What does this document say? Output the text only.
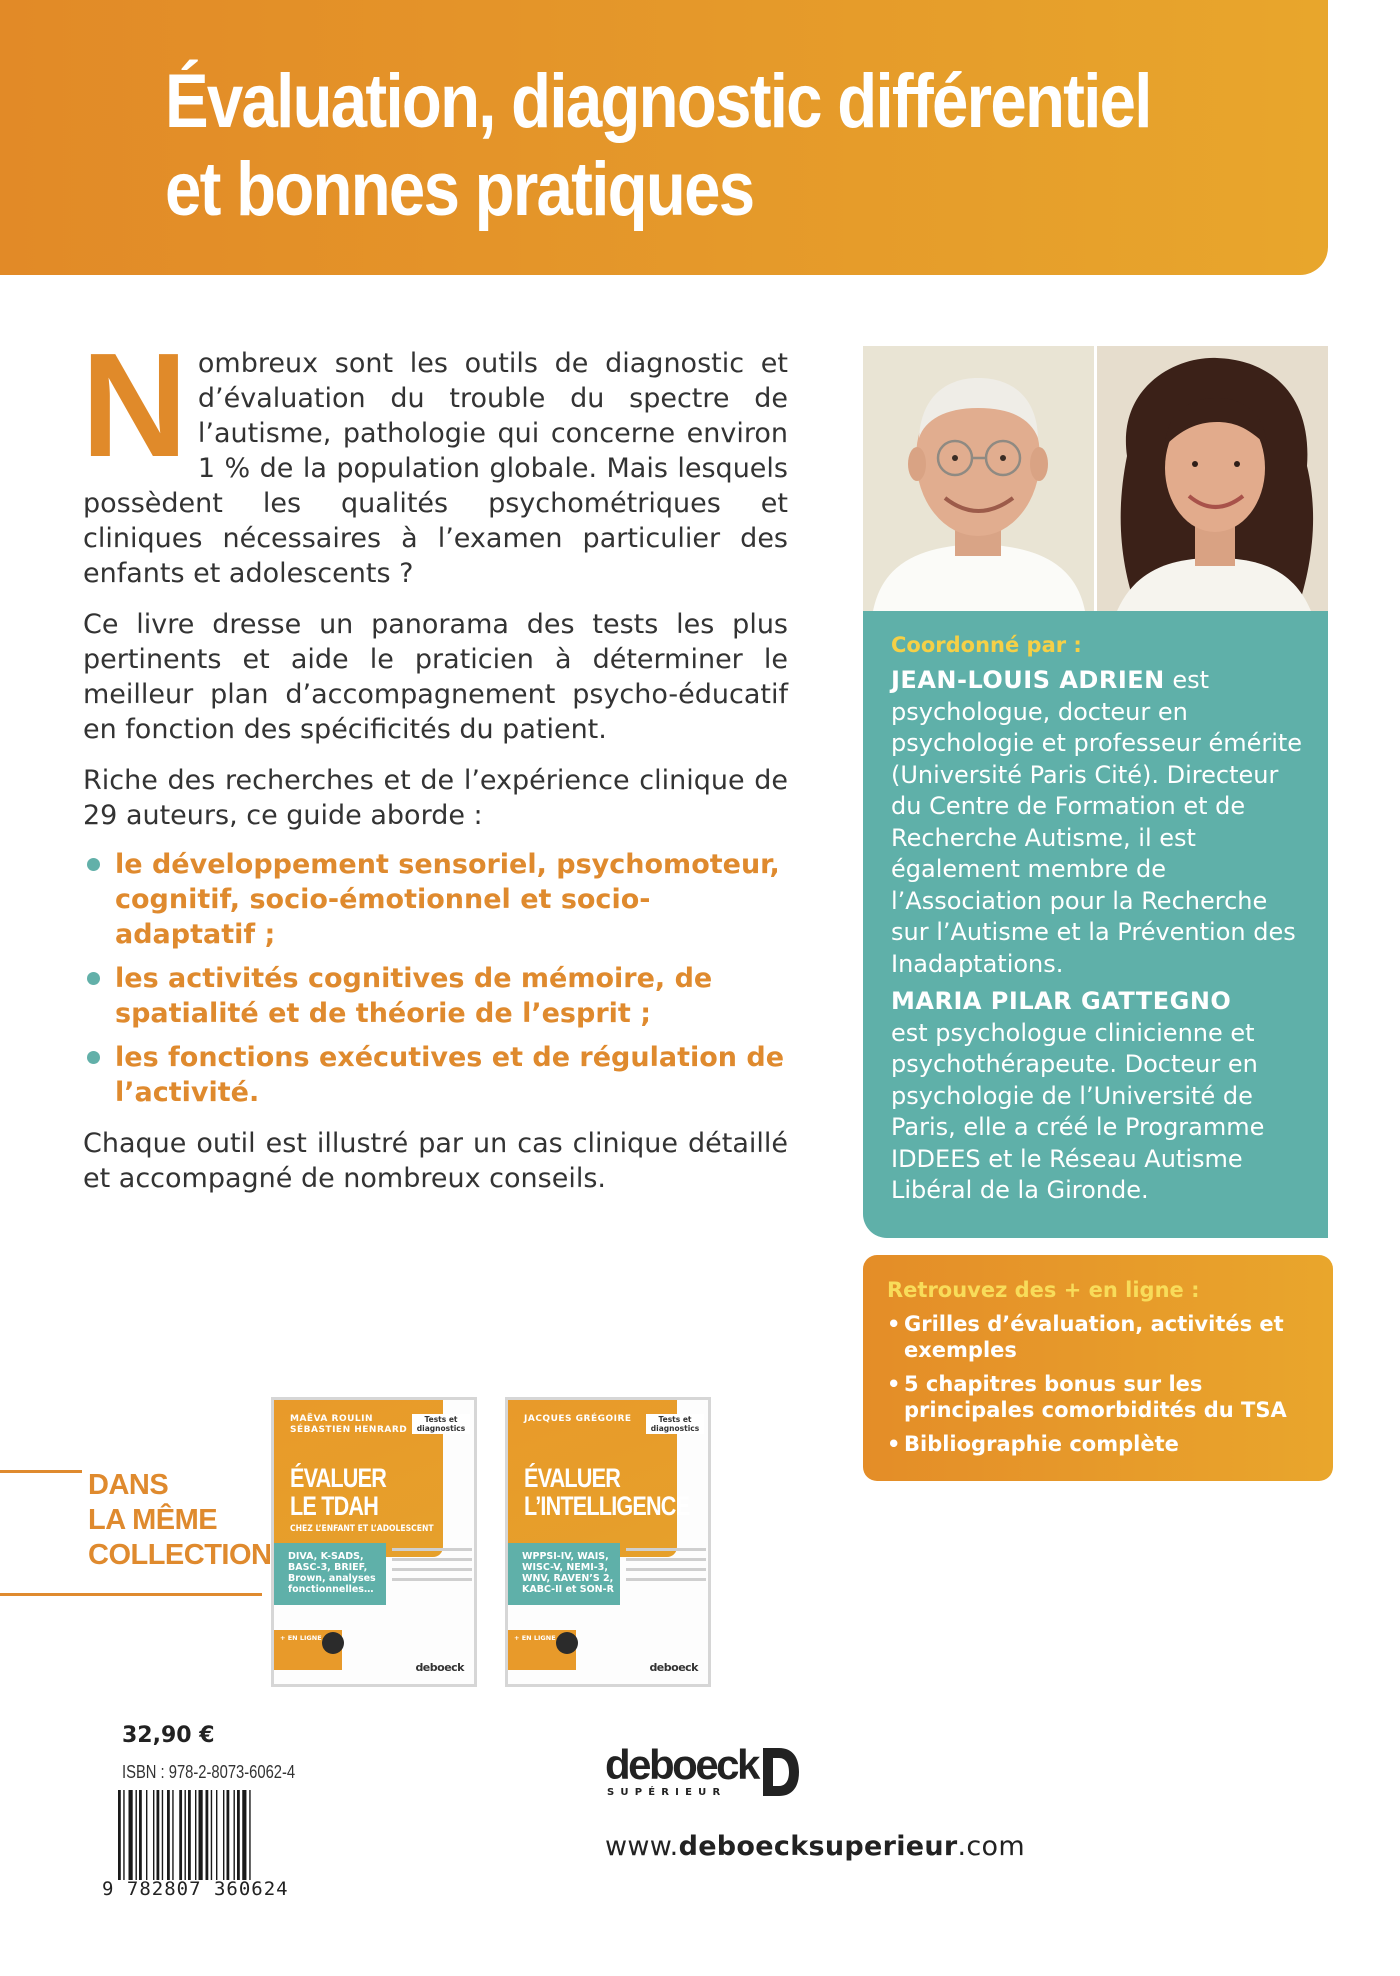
Évaluation, diagnostic différentiel
et bonnes pratiques

Nombreux sont les outils de diagnostic et d’évaluation du trouble du spectre de l’autisme, pathologie qui concerne environ 1 % de la population globale. Mais lesquels possèdent les qualités psychométriques et cliniques nécessaires à l’examen particulier des enfants et adolescents ?

Ce livre dresse un panorama des tests les plus pertinents et aide le praticien à déterminer le meilleur plan d’accompagnement psycho-éducatif en fonction des spécificités du patient.

Riche des recherches et de l’expérience clinique de 29 auteurs, ce guide aborde :

le développement sensoriel, psychomoteur, cognitif, socio-émotionnel et socio-adaptatif ;
les activités cognitives de mémoire, de spatialité et de théorie de l’esprit ;
les fonctions exécutives et de régulation de l’activité.

Chaque outil est illustré par un cas clinique détaillé et accompagné de nombreux conseils.

Coordonné par :

JEAN-LOUIS ADRIEN est psychologue, docteur en psychologie et professeur émérite (Université Paris Cité). Directeur du Centre de Formation et de Recherche Autisme, il est également membre de l’Association pour la Recherche sur l’Autisme et la Prévention des Inadaptations.

MARIA PILAR GATTEGNO
est psychologue clinicienne et psychothérapeute. Docteur en psychologie de l’Université de Paris, elle a créé le Programme IDDEES et le Réseau Autisme Libéral de la Gironde.

Retrouvez des + en ligne :
• Grilles d’évaluation, activités et exemples
• 5 chapitres bonus sur les principales comorbidités du TSA
• Bibliographie complète
DANS
LA MÊME
COLLECTION
MAËVA ROULIN
SÉBASTIEN HENRARD
Tests et diagnostics
ÉVALUER
LE TDAH
CHEZ L’ENFANT ET L’ADOLESCENT
DIVA, K-SADS, BASC-3, BRIEF, Brown, analyses fonctionnelles…
+ EN LIGNE
deboeck
JACQUES GRÉGOIRE	Tests et diagnostics
ÉVALUER
L’INTELLIGENCE
WPPSI-IV, WAIS, WISC-V, NEMI-3, WNV, RAVEN’S 2, KABC-II et SON-R
+ EN LIGNE
deboeck
32,90 €
ISBN : 978-2-8073-6062-4
9 782807 360624
deboeck
SUPÉRIEUR
www.deboecksuperieur.com
